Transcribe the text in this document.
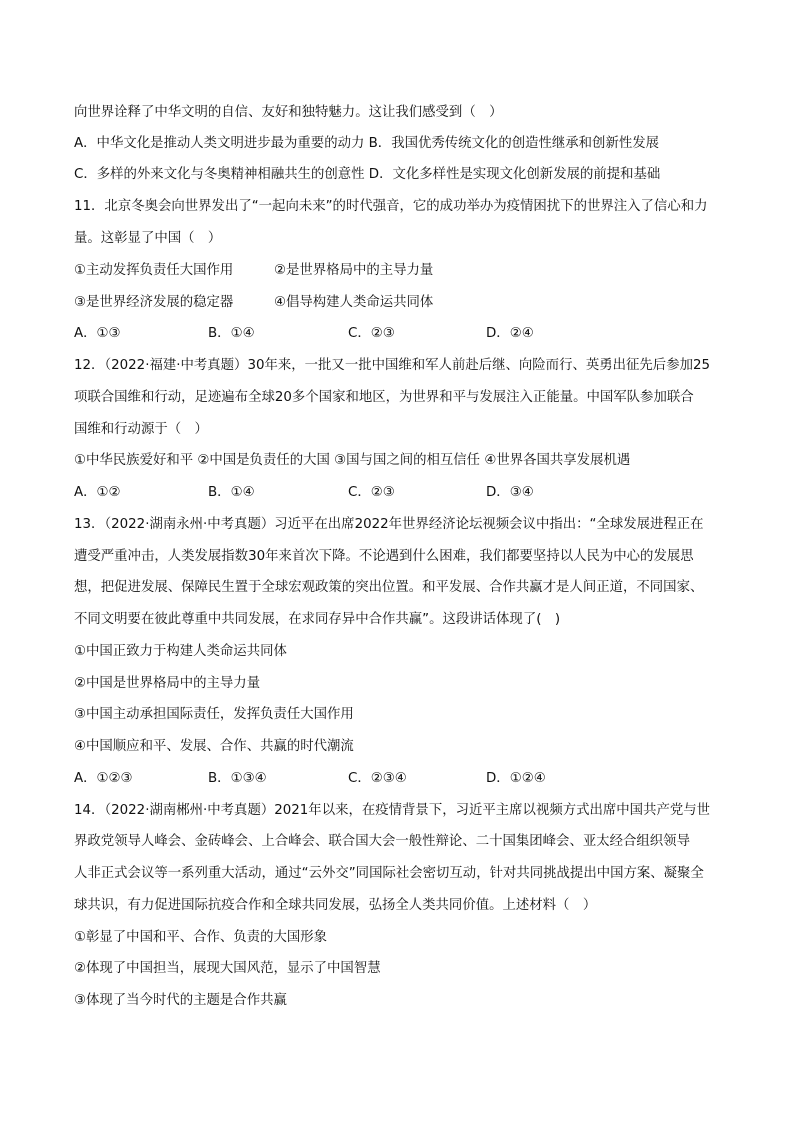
向世界诠释了中华文明的自信、友好和独特魅力。这让我们感受到（　）
A．中华文化是推动人类文明进步最为重要的动力 B．我国优秀传统文化的创造性继承和创新性发展
C．多样的外来文化与冬奥精神相融共生的创意性 D．文化多样性是实现文化创新发展的前提和基础
11．北京冬奥会向世界发出了“一起向未来”的时代强音，它的成功举办为疫情困扰下的世界注入了信心和力
量。这彰显了中国（　）
①主动发挥负责任大国作用	②是世界格局中的主导力量
③是世界经济发展的稳定器	④倡导构建人类命运共同体
A．①③	B．①④	C．②③	D．②④
12．（2022·福建·中考真题）30年来，一批又一批中国维和军人前赴后继、向险而行、英勇出征先后参加25
项联合国维和行动，足迹遍布全球20多个国家和地区，为世界和平与发展注入正能量。中国军队参加联合
国维和行动源于（　）
①中华民族爱好和平 ②中国是负责任的大国 ③国与国之间的相互信任 ④世界各国共享发展机遇
A．①②	B．①④	C．②③	D．③④
13．（2022·湖南永州·中考真题）习近平在出席2022年世界经济论坛视频会议中指出：“全球发展进程正在
遭受严重冲击，人类发展指数30年来首次下降。不论遇到什么困难，我们都要坚持以人民为中心的发展思
想，把促进发展、保障民生置于全球宏观政策的突出位置。和平发展、合作共赢才是人间正道，不同国家、
不同文明要在彼此尊重中共同发展，在求同存异中合作共赢”。这段讲话体现了(　)
①中国正致力于构建人类命运共同体
②中国是世界格局中的主导力量
③中国主动承担国际责任，发挥负责任大国作用
④中国顺应和平、发展、合作、共赢的时代潮流
A．①②③	B．①③④	C．②③④	D．①②④
14．（2022·湖南郴州·中考真题）2021年以来，在疫情背景下，习近平主席以视频方式出席中国共产党与世
界政党领导人峰会、金砖峰会、上合峰会、联合国大会一般性辩论、二十国集团峰会、亚太经合组织领导
人非正式会议等一系列重大活动，通过“云外交”同国际社会密切互动，针对共同挑战提出中国方案、凝聚全
球共识，有力促进国际抗疫合作和全球共同发展，弘扬全人类共同价值。上述材料（　）
①彰显了中国和平、合作、负责的大国形象
②体现了中国担当，展现大国风范，显示了中国智慧
③体现了当今时代的主题是合作共赢
